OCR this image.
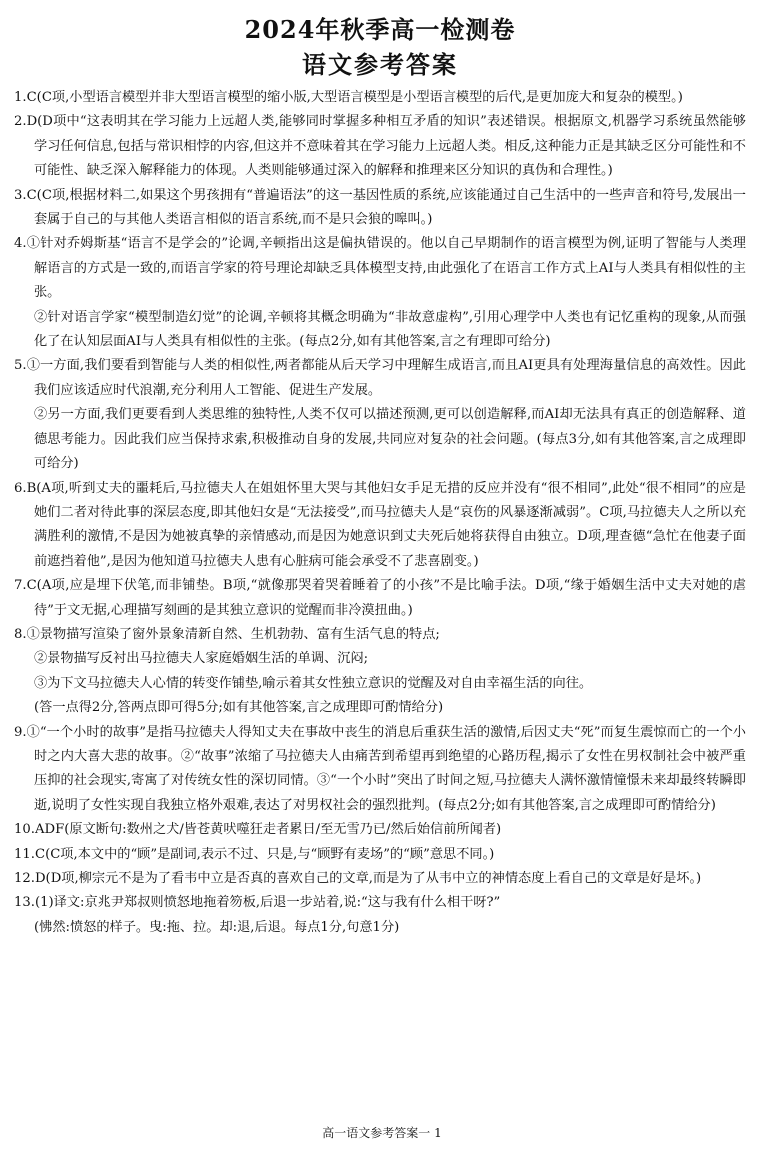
2024年秋季高一检测卷
语文参考答案
1.C(C项,小型语言模型并非大型语言模型的缩小版,大型语言模型是小型语言模型的后代,是更加庞大和复杂的模型。)
2.D(D项中“这表明其在学习能力上远超人类,能够同时掌握多种相互矛盾的知识”表述错误。根据原文,机器学习系统虽然能够学习任何信息,包括与常识相悖的内容,但这并不意味着其在学习能力上远超人类。相反,这种能力正是其缺乏区分可能性和不可能性、缺乏深入解释能力的体现。人类则能够通过深入的解释和推理来区分知识的真伪和合理性。)
3.C(C项,根据材料二,如果这个男孩拥有“普遍语法”的这一基因性质的系统,应该能通过自己生活中的一些声音和符号,发展出一套属于自己的与其他人类语言相似的语言系统,而不是只会狼的嗥叫。)
4.①针对乔姆斯基“语言不是学会的”论调,辛顿指出这是偏执错误的。他以自己早期制作的语言模型为例,证明了智能与人类理解语言的方式是一致的,而语言学家的符号理论却缺乏具体模型支持,由此强化了在语言工作方式上AI与人类具有相似性的主张。
②针对语言学家“模型制造幻觉”的论调,辛顿将其概念明确为“非故意虚构”,引用心理学中人类也有记忆重构的现象,从而强化了在认知层面AI与人类具有相似性的主张。(每点2分,如有其他答案,言之有理即可给分)
5.①一方面,我们要看到智能与人类的相似性,两者都能从后天学习中理解生成语言,而且AI更具有处理海量信息的高效性。因此我们应该适应时代浪潮,充分利用人工智能、促进生产发展。
②另一方面,我们更要看到人类思维的独特性,人类不仅可以描述预测,更可以创造解释,而AI却无法具有真正的创造解释、道德思考能力。因此我们应当保持求索,积极推动自身的发展,共同应对复杂的社会问题。(每点3分,如有其他答案,言之成理即可给分)
6.B(A项,听到丈夫的噩耗后,马拉德夫人在姐姐怀里大哭与其他妇女手足无措的反应并没有“很不相同”,此处“很不相同”的应是她们二者对待此事的深层态度,即其他妇女是“无法接受”,而马拉德夫人是“哀伤的风暴逐渐减弱”。C项,马拉德夫人之所以充满胜利的激情,不是因为她被真挚的亲情感动,而是因为她意识到丈夫死后她将获得自由独立。D项,理查德“急忙在他妻子面前遮挡着他”,是因为他知道马拉德夫人患有心脏病可能会承受不了悲喜剧变。)
7.C(A项,应是埋下伏笔,而非铺垫。B项,“就像那哭着哭着睡着了的小孩”不是比喻手法。D项,“缘于婚姻生活中丈夫对她的虐待”于文无据,心理描写刻画的是其独立意识的觉醒而非冷漠扭曲。)
8.①景物描写渲染了窗外景象清新自然、生机勃勃、富有生活气息的特点;
②景物描写反衬出马拉德夫人家庭婚姻生活的单调、沉闷;
③为下文马拉德夫人心情的转变作铺垫,喻示着其女性独立意识的觉醒及对自由幸福生活的向往。
(答一点得2分,答两点即可得5分;如有其他答案,言之成理即可酌情给分)
9.①“一个小时的故事”是指马拉德夫人得知丈夫在事故中丧生的消息后重获生活的激情,后因丈夫“死”而复生震惊而亡的一个小时之内大喜大悲的故事。②“故事”浓缩了马拉德夫人由痛苦到希望再到绝望的心路历程,揭示了女性在男权制社会中被严重压抑的社会现实,寄寓了对传统女性的深切同情。③“一个小时”突出了时间之短,马拉德夫人满怀激情憧憬未来却最终转瞬即逝,说明了女性实现自我独立格外艰难,表达了对男权社会的强烈批判。(每点2分;如有其他答案,言之成理即可酌情给分)
10.ADF(原文断句:数州之犬/皆苍黄吠噬狂走者累日/至无雪乃已/然后始信前所闻者)
11.C(C项,本文中的“顾”是副词,表示不过、只是,与“顾野有麦场”的“顾”意思不同。)
12.D(D项,柳宗元不是为了看韦中立是否真的喜欢自己的文章,而是为了从韦中立的神情态度上看自己的文章是好是坏。)
13.(1)译文:京兆尹郑叔则愤怒地拖着笏板,后退一步站着,说:“这与我有什么相干呀?”
(怫然:愤怒的样子。曳:拖、拉。却:退,后退。每点1分,句意1分)
高一语文参考答案一 1
